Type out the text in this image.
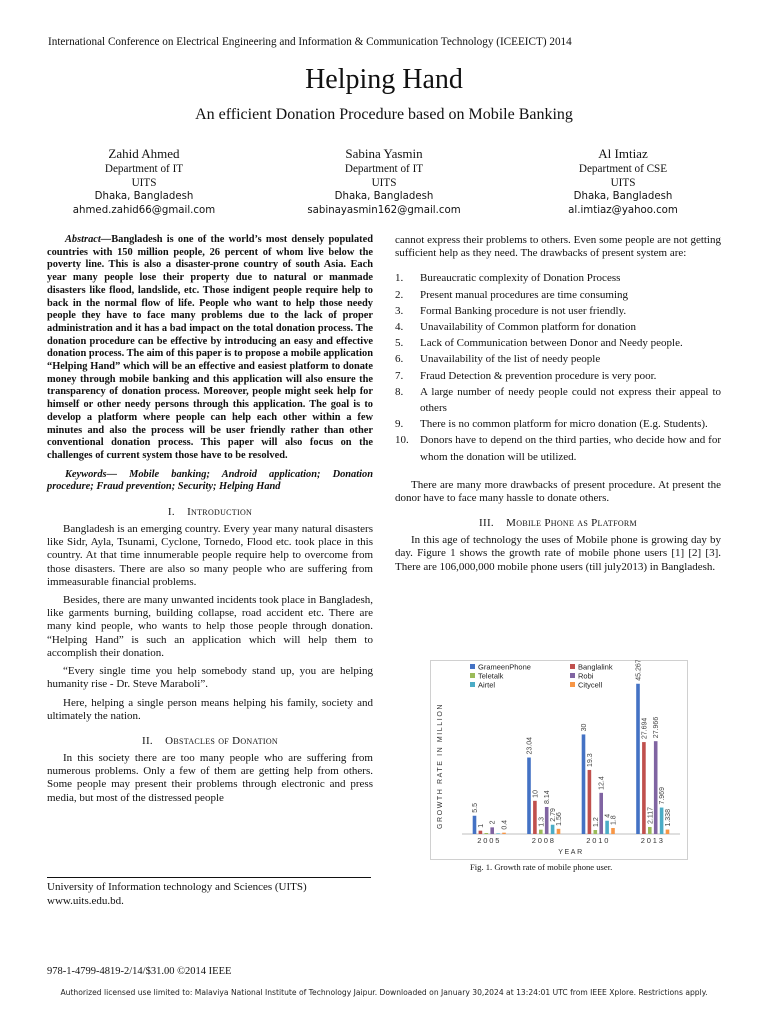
International Conference on Electrical Engineering and Information & Communication Technology (ICEEICT) 2014
Helping Hand
An efficient Donation Procedure based on Mobile Banking
Zahid Ahmed
Department of IT
UITS
Dhaka, Bangladesh
ahmed.zahid66@gmail.com
Sabina Yasmin
Department of IT
UITS
Dhaka, Bangladesh
sabinayasmin162@gmail.com
Al Imtiaz
Department of CSE
UITS
Dhaka, Bangladesh
al.imtiaz@yahoo.com

Abstract—Bangladesh is one of the world’s most densely populated countries with 150 million people, 26 percent of whom live below the poverty line. This is also a disaster-prone country of south Asia. Each year many people lose their property due to natural or manmade disasters like flood, landslide, etc. Those indigent people require help to back in the normal flow of life. People who want to help those needy people they have to face many problems due to the lack of proper administration and it has a bad impact on the total donation process. The donation procedure can be effective by introducing an easy and effective donation process. The aim of this paper is to propose a mobile application “Helping Hand” which will be an effective and easiest platform to donate money through mobile banking and this application will also ensure the transparency of donation process. Moreover, people might seek help for himself or other needy persons through this application. The goal is to develop a platform where people can help each other within a few minutes and also the process will be user friendly rather than other conventional donation process. This paper will also focus on the challenges of current system those have to be resolved.

Keywords— Mobile banking; Android application; Donation procedure; Fraud prevention; Security; Helping Hand

I. Introduction

Bangladesh is an emerging country. Every year many natural disasters like Sidr, Ayla, Tsunami, Cyclone, Tornedo, Flood etc. took place in this country. At that time innumerable people require help to overcome from those disasters. There are also so many people who are suffering from immeasurable financial problems.

Besides, there are many unwanted incidents took place in Bangladesh, like garments burning, building collapse, road accident etc. There are many kind people, who wants to help those people through donation. “Helping Hand” is such an application which will help them to accomplish their donation.

“Every single time you help somebody stand up, you are helping humanity rise - Dr. Steve Maraboli”.

Here, helping a single person means helping his family, society and ultimately the nation.

II. Obstacles of Donation

In this society there are too many people who are suffering from numerous problems. Only a few of them are getting help from others. Some people may present their problems through electronic and press media, but most of the distressed people

University of Information technology and Sciences (UITS)
www.uits.edu.bd.
978-1-4799-4819-2/14/$31.00 ©2014 IEEE
Authorized licensed use limited to: Malaviya National Institute of Technology Jaipur. Downloaded on January 30,2024 at 13:24:01 UTC from IEEE Xplore. Restrictions apply.

cannot express their problems to others. Even some people are not getting sufficient help as they need. The drawbacks of present system are:

1.	Bureaucratic complexity of Donation Process
2.	Present manual procedures are time consuming
3.	Formal Banking procedure is not user friendly.
4.	Unavailability of Common platform for donation
5.	Lack of Communication between Donor and Needy people.
6.	Unavailability of the list of needy people
7.	Fraud Detection & prevention procedure is very poor.
8.	A large number of needy people could not express their appeal to others
9.	There is no common platform for micro donation (E.g. Students).
10.	Donors have to depend on the third parties, who decide how and for whom the donation will be utilized.

There are many more drawbacks of present procedure. At present the donor have to face many hassle to donate others.

III. Mobile Phone as Platform

In this age of technology the uses of Mobile phone is growing day by day. Figure 1 shows the growth rate of mobile phone users [1] [2] [3]. There are 106,000,000 mobile phone users (till july2013) in Bangladesh.

GrameenPhone	Banglalink
Teletalk	Robi
Airtel	Citycell
GROWTH RATE IN MILLION	5.5
1
2 0.4
2005
23.04
10
1.3
8.14
2.79
1.56
2008
30
19.3
1.2
12.4
4
1.8
2010
45.267
27.694
2.117
27.966
7.969
1.338
2013
YEAR
Fig. 1. Growth rate of mobile phone user.
